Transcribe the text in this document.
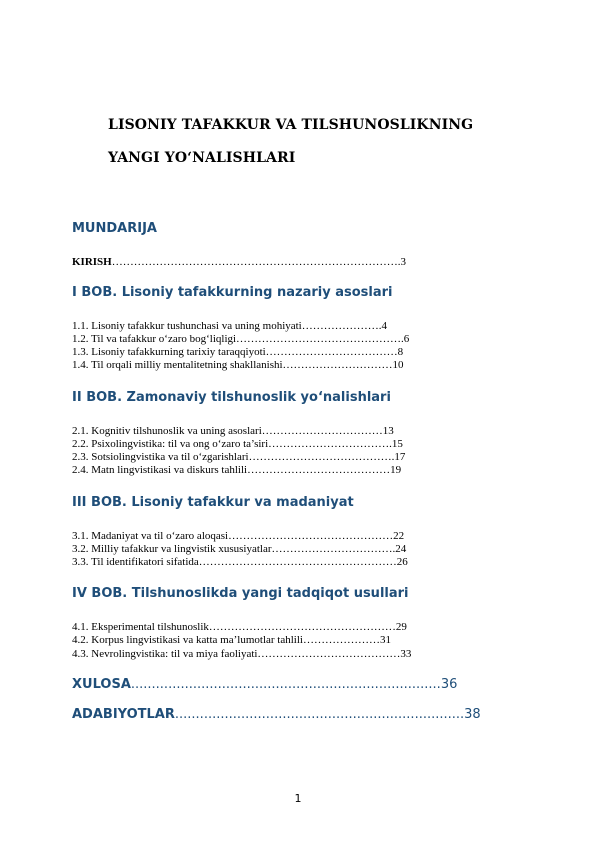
LISONIY TAFAKKUR VA TILSHUNOSLIKNING
YANGI YO‘NALISHLARI
MUNDARIJA
KIRISH…………………………………………………………………….3
I BOB. Lisoniy tafakkurning nazariy asoslari
1.1. Lisoniy tafakkur tushunchasi va uning mohiyati………………….4
1.2. Til va tafakkur o‘zaro bog‘liqligi……………………………………….6
1.3. Lisoniy tafakkurning tarixiy taraqqiyoti………………………………8
1.4. Til orqali milliy mentalitetning shakllanishi…………………………10
II BOB. Zamonaviy tilshunoslik yo‘nalishlari
2.1. Kognitiv tilshunoslik va uning asoslari……………………………13
2.2. Psixolingvistika: til va ong o‘zaro ta’siri…………………………….15
2.3. Sotsiolingvistika va til o‘zgarishlari………………………………….17
2.4. Matn lingvistikasi va diskurs tahlili…………………………………19
III BOB. Lisoniy tafakkur va madaniyat
3.1. Madaniyat va til o‘zaro aloqasi………………………………………22
3.2. Milliy tafakkur va lingvistik xususiyatlar…………………………….24
3.3. Til identifikatori sifatida………………………………………………26
IV BOB. Tilshunoslikda yangi tadqiqot usullari
4.1. Eksperimental tilshunoslik……………………………………………29
4.2. Korpus lingvistikasi va katta ma’lumotlar tahlili…………………31
4.3. Nevrolingvistika: til va miya faoliyati…………………………………33
XULOSA...........................................................................36
ADABIYOTLAR......................................................................38
1
